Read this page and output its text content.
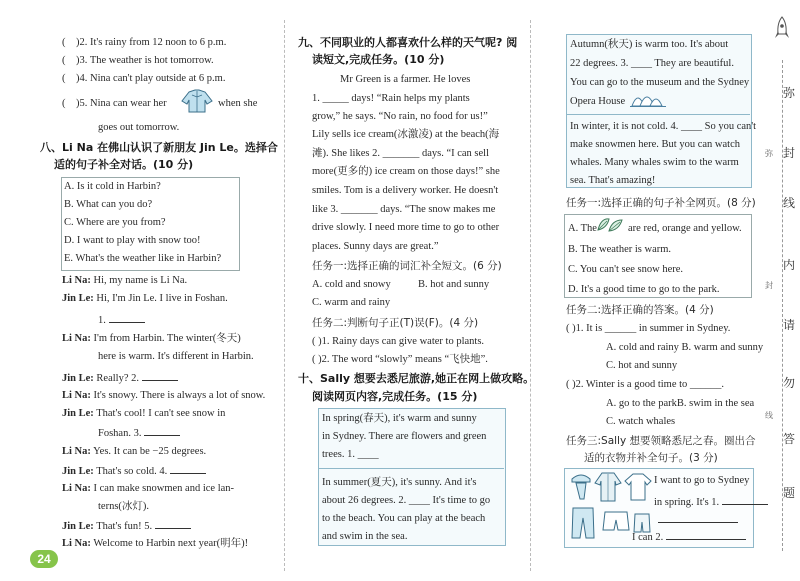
( )2. It's rainy from 12 noon to 6 p.m.
( )3. The weather is hot tomorrow.
( )4. Nina can't play outside at 6 p.m.
( )5. Nina can wear her	when she
goes out tomorrow.
八、Li Na 在佛山认识了新朋友 Jin Le。选择合
适的句子补全对话。(10 分)
A. Is it cold in Harbin?
B. What can you do?
C. Where are you from?
D. I want to play with snow too!
E. What's the weather like in Harbin?
Li Na: Hi, my name is Li Na.
Jin Le: Hi, I'm Jin Le. I live in Foshan.
1.
Li Na: I'm from Harbin. The winter(冬天)
here is warm. It's different in Harbin.
Jin Le: Really? 2.
Li Na: It's snowy. There is always a lot of snow.
Jin Le: That's cool! I can't see snow in
Foshan. 3.
Li Na: Yes. It can be −25 degrees.
Jin Le: That's so cold. 4.
Li Na: I can make snowmen and ice lan-
terns(冰灯).
Jin Le: That's fun! 5.
Li Na: Welcome to Harbin next year(明年)!
24
九、不同职业的人都喜欢什么样的天气呢? 阅
读短文,完成任务。(10 分)
Mr Green is a farmer. He loves
1. _____ days! “Rain helps my plants
grow,” he says. “No rain, no food for us!”
Lily sells ice cream(冰激凌) at the beach(海
滩). She likes 2. _______ days. “I can sell
more(更多的) ice cream on those days!” she
smiles. Tom is a delivery worker. He doesn't
like 3. _______ days. “The snow makes me
drive slowly. I need more time to go to other
places. Sunny days are great.”
任务一:选择正确的词汇补全短文。(6 分)
A. cold and snowy	B. hot and sunny
C. warm and rainy
任务二:判断句子正(T)误(F)。(4 分)
( )1. Rainy days can give water to plants.
( )2. The word “slowly” means “飞快地”.
十、Sally 想要去悉尼旅游,她正在网上做攻略。
阅读网页内容,完成任务。(15 分)
In spring(春天), it's warm and sunny
in Sydney. There are flowers and green
trees. 1. ____
In summer(夏天), it's sunny. And it's
about 26 degrees. 2. ____ It's time to go
to the beach. You can play at the beach
and swim in the sea.
Autumn(秋天) is warm too. It's about
22 degrees. 3. ____ They are beautiful.
You can go to the museum and the Sydney
Opera House
In winter, it is not cold. 4. ____ So you can't
make snowmen here. But you can watch
whales. Many whales swim to the warm
sea. That's amazing!
任务一:选择正确的句子补全网页。(8 分)
A. The	are red, orange and yellow.
B. The weather is warm.
C. You can't see snow here.
D. It's a good time to go to the park.
任务二:选择正确的答案。(4 分)
( )1. It is ______ in summer in Sydney.
A. cold and rainy B. warm and sunny
C. hot and sunny
( )2. Winter is a good time to ______.
A. go to the parkB. swim in the sea
C. watch whales
任务三:Sally 想要领略悉尼之春。圈出合
适的衣物并补全句子。(3 分)
I want to go to Sydney
in spring. It's 1.
I can 2.
弥
封
线
内
请
勿
答
题
弥
封
线
